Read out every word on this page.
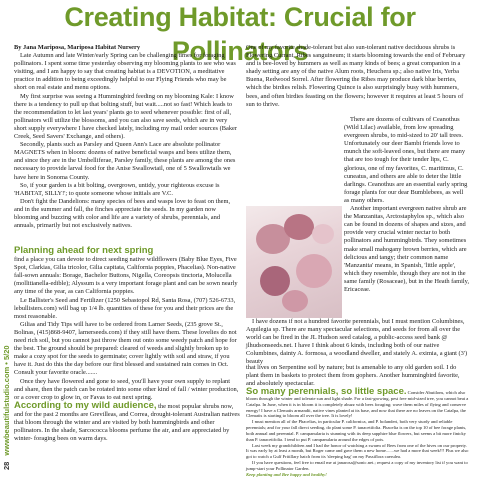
Creating Habitat: Crucial for Pollinators
28 wwwbeautifulstudio.com • 5/20

By Jana Mariposa, Mariposa Habitat Nursery

Late Autumn and late Winter/early Spring can be challenging times for foraging pollinators. I spent some time yesterday observing my blooming plants to see who was visiting, and I am happy to say that creating habitat is a DEVOTION, a meditative practice in addition to being exceedingly helpful to our Flying Friends who may be short on real estate and menu options.

My first surprise was seeing a Hummingbird feeding on my blooming Kale: I know there is a tendency to pull up that bolting stuff, but wait.....not so fast! Which leads to the recommendation to let last years' plants go to seed whenever possible: first of all, pollinators will utilize the blossoms, and you can also save seeds, which are in very short supply everywhere I have checked lately, including my mail order sources (Baker Creek, Seed Savers' Exchange, and others).

Secondly, plants such as Parsley and Queen Ann's Lace are absolute pollinator MAGNETS when in bloom: dozens of native beneficial wasps and bees utilize them, and since they are in the Umbelliferae, Parsley family, these plants are among the ones necessary to provide larval food for the Anise Swallowtail, one of 5 Swallowtails we have here in Sonoma County.

So, if your garden is a bit bolting, overgrown, untidy, your righteous excuse is 'HABITAT, SILLY!'; to quote someone whose initials are V.C.

Don't fight the Dandelions: many species of bees and wasps love to feast on them, and in the summer and fall, the finches appreciate the seeds. In my garden now blooming and buzzing with color and life are a variety of shrubs, perennials, and annuals, primarily but not exclusively natives.

One of my favorite shade-tolerant but also sun-tolerant native deciduous shrubs is Flowering Currant, Ribes sanguineum; it starts blooming towards the end of February and is bee-loved by hummers as well as many kinds of bees; a great companion in a shady setting are any of the native Alum roots, Heuchera sp.; also native Iris, Yerba Buena, Redwood Sorrel. After flowering the Ribes may produce dark blue berries, which the birdies relish. Flowering Quince is also surprisingly busy with hummers, bees, and often birdies feasting on the flowers; however it requires at least 5 hours of sun to thrive.

There are dozens of cultivars of Ceanothus (Wild Lilac) available, from low spreading evergreen shrubs, to mid-sized to 20' tall trees. Unfortunately our deer Bambi friends love to munch the soft-leaved ones, but there are many that are too tough for their tender lips, C. glorious, one of my favorites, C. maritimus, C. cuneatus, and others are able to deter the little darlings. Ceanothus are an essential early spring forage plants for our dear Bumblebees, as well as many others.

Another important evergreen native shrub are the Manzanitas, Arctostaphylos sp., which also can be found in dozens of shapes and sizes, and provide very crucial winter nectar to both pollinators and hummingbirds. They sometimes make small mahogany brown berries, which are delicious and tangy; their common name 'Manzanita' means, in Spanish, 'little apple', which they resemble, though they are not in the same family (Rosaceae), but in the Heath family, Ericaceae.

I have dozens if not a hundred favorite perennials, but I must mention Columbines, Aquilegia sp. There are many spectacular selections, and seeds for from all over the world can be fired in the JL Hudson seed catalog, a public-access seed bank @ jlhudsonseeds.net. I have I think about 6 kinds, including both of our native Columbines, dainty A. formosa, a woodland dweller, and stately A. eximia, a giant (3') beauty

that lives on Serpentine soil by nature; but is amenable to any old garden soil. I do plant them in baskets to protect them from gophers. Another hummingbird favorite, and absolutely spectacular.

Planning ahead for next spring

find a place you can devote to direct seeding native wildflowers (Baby Blue Eyes, Five Spot, Clarkias, Gilia tricolor, Gilia capitata, California poppies, Phacelias). Non-native fall-sown annuals: Borage, Bachelor Buttons, Nigella, Coreopsis tinctoria, Molucella (mollitianella-edible); Alyssum is a very important forage plant and can be sown nearly any time of the year, as can California poppies.

Le Ballister's Seed and Fertilizer (1250 Sebastopol Rd, Santa Rosa, (707) 526-6733, lebullisters.com) will bag up 1/4 lb. quantities of these for you and their prices are the most reasonable.

Gilias and Tidy Tips will have to be ordered from Larner Seeds, (235 grove St., Bolinas, (415)868-9407, larnerseeds.com) if they still have them. These lovelies do not need rich soil, but you cannot just throw them out onto some weedy patch and hope for the best. The ground should be prepared: cleared of weeds and slightly broken up to make a cozy spot for the seeds to germinate; cover lightly with soil and straw, if you have it. Just do this the day before our first blessed and sustained rain comes in Oct. Consult your favorite oracle.......

Once they have flowered and gone to seed, you'll have your own supply to replant and share, then the patch can be rotated into some other kind of fall / winter production, or a cover crop to glow in, or Favas to eat next spring.

According to my wild audience, the most popular shrubs now, and for the past 2 months are Grevilleas, and Correa, drought-tolerant Australian natives that bloom through the winter and are visited by both hummingbirds and other pollinators. In the shade, Sarcococca blooms perfume the air, and are appreciated by winter- foraging bees on warm days.

So many perennials, so little space. Consider Abutilons, which also bloom through the winter and tolerate sun and light shade. For a fast-growing, pest free mid-sized tree, you cannot beat a Catalpa. In June, when it is in bloom it is completely abuzz with bees foraging; wave them miles of flying and conserve energy! I have a Clematis armandii, native vines planted at its base, and now that there are no leaves on the Catalpa, the Clematis is starting to bloom all over the tree. It is lovely!

I must mention all of the Phacelias, in particular P. californica, and P. bolanderi, both very sturdy and reliable perennials; and for your fall direct seeding, do plant some P. tanacetifolia. Phacelia is on the top 10 of bee forage plants, both annual and perennial. P. campanularia is stunning with its deep sapphire blue flowers, but seems a bit more finicky than P. tanacetifolia. I tend to put P. campanularia around the edges of pots.

Last week my grandchildren and I had the honor of watching a swarm of Bees from one of the hives on our property. It was early by at least a month, but Roger came and gave them a new home.......we had a more that week!!! Plus we also got to watch a Gulf Fritillary hatch from its 'sleeping bag' on my Passiflora caerulea.

If you have questions, feel free to email me at janarosa@sonic.net.; request a copy of my inventory list if you want to jump-start your Pollinator Garden.

Keep planting and Bee happy and healthy!
